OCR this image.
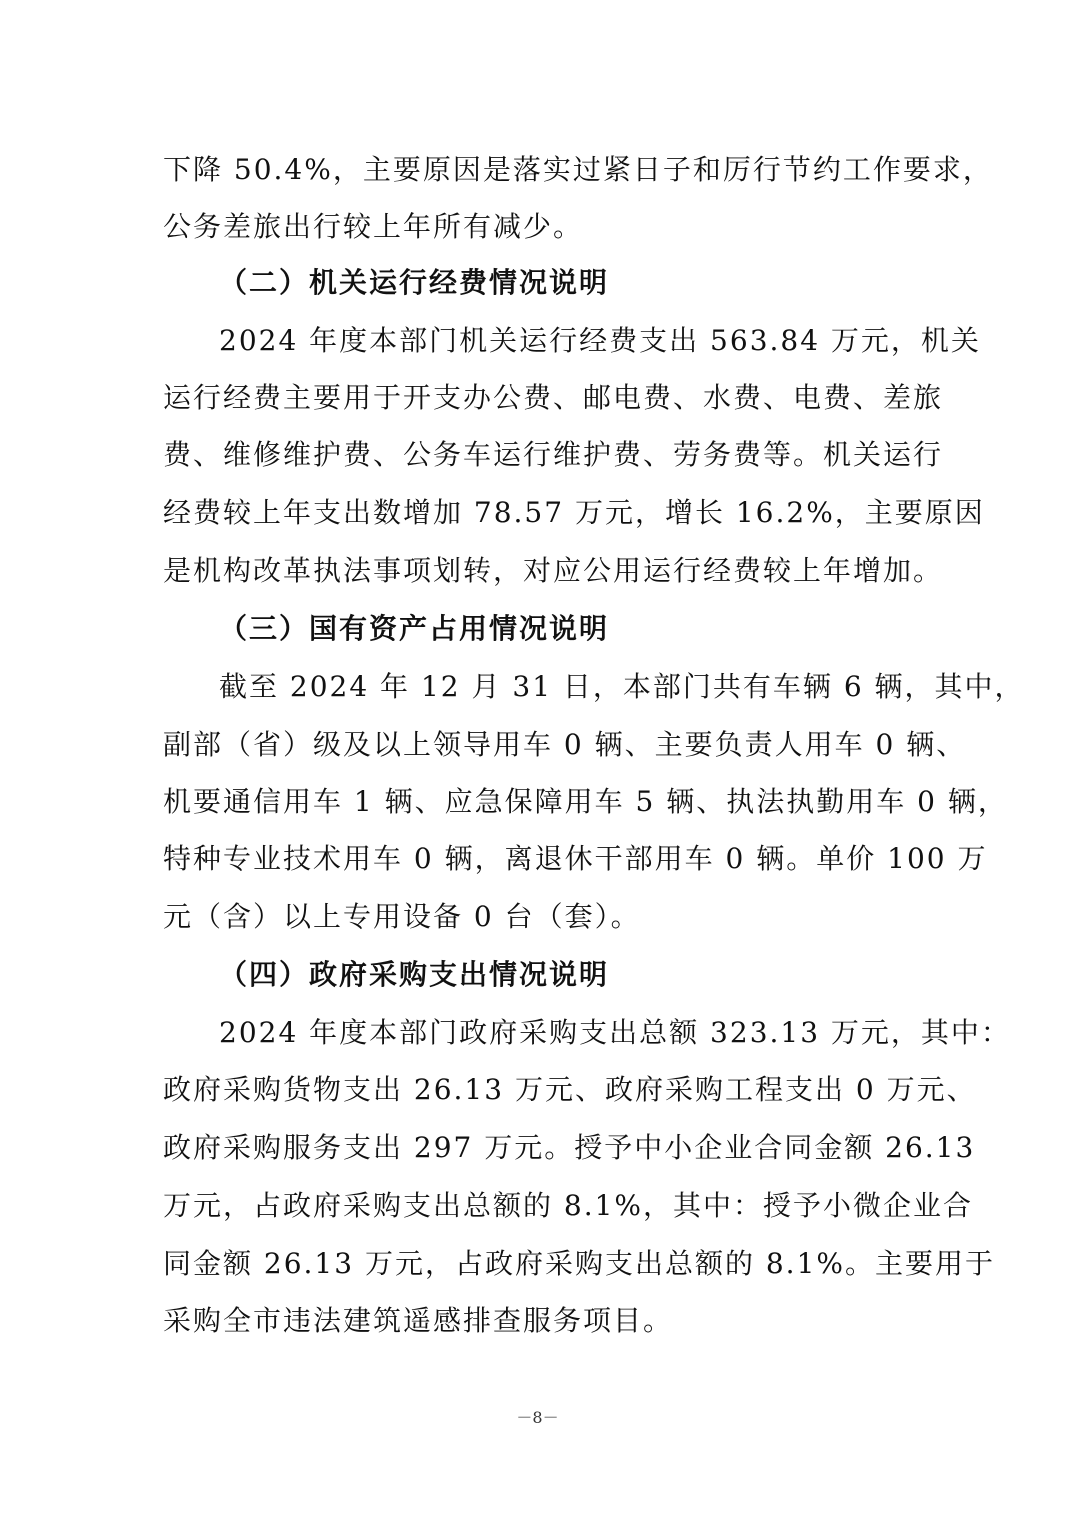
下降 50.4%，主要原因是落实过紧日子和厉行节约工作要求，
公务差旅出行较上年所有减少。
（二）机关运行经费情况说明
2024 年度本部门机关运行经费支出 563.84 万元，机关
运行经费主要用于开支办公费、邮电费、水费、电费、差旅
费、维修维护费、公务车运行维护费、劳务费等。机关运行
经费较上年支出数增加 78.57 万元，增长 16.2%，主要原因
是机构改革执法事项划转，对应公用运行经费较上年增加。
（三）国有资产占用情况说明
截至 2024 年 12 月 31 日，本部门共有车辆 6 辆，其中，
副部（省）级及以上领导用车 0 辆、主要负责人用车 0 辆、
机要通信用车 1 辆、应急保障用车 5 辆、执法执勤用车 0 辆，
特种专业技术用车 0 辆，离退休干部用车 0 辆。单价 100 万
元（含）以上专用设备 0 台（套）。
（四）政府采购支出情况说明
2024 年度本部门政府采购支出总额 323.13 万元，其中：
政府采购货物支出 26.13 万元、政府采购工程支出 0 万元、
政府采购服务支出 297 万元。授予中小企业合同金额 26.13
万元，占政府采购支出总额的 8.1%，其中：授予小微企业合
同金额 26.13 万元，占政府采购支出总额的 8.1%。主要用于
采购全市违法建筑遥感排查服务项目。
－8－
